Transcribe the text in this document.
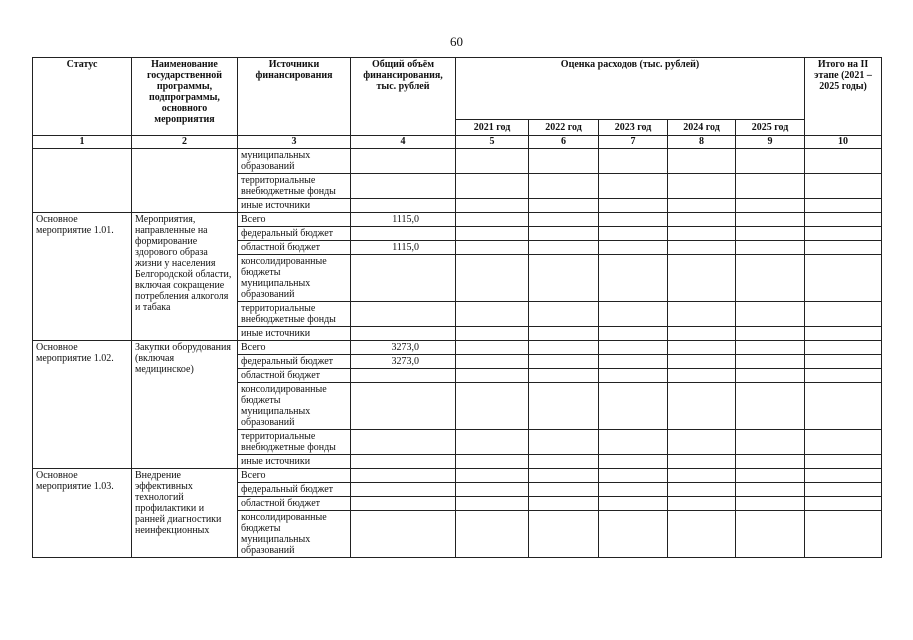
60
Статус	Наименование государственной программы, подпрограммы, основного мероприятия	Источники финансирования	Общий объём финансирования, тыс. рублей	Оценка расходов (тыс. рублей)					Итого на II этапе (2021 – 2025 годы)
				2021 год	2022 год	2023 год	2024 год	2025 год	
1	2	3	4	5	6	7	8	9	10
		муниципальных образований							
		территориальные внебюджетные фонды							
		иные источники							
Основное мероприятие 1.01.	Мероприятия, направленные на формирование здорового образа жизни у населения Белгородской области, включая сокращение потребления алкоголя и табака	Всего	1115,0						
		федеральный бюджет							
		областной бюджет	1115,0						
		консолидированные бюджеты муниципальных образований							
		территориальные внебюджетные фонды							
		иные источники							
Основное мероприятие 1.02.	Закупки оборудования (включая медицинское)	Всего	3273,0						
		федеральный бюджет	3273,0						
		областной бюджет							
		консолидированные бюджеты муниципальных образований							
		территориальные внебюджетные фонды							
		иные источники							
Основное мероприятие 1.03.	Внедрение эффективных технологий профилактики и ранней диагностики неинфекционных	Всего							
		федеральный бюджет							
		областной бюджет							
		консолидированные бюджеты муниципальных образований							
